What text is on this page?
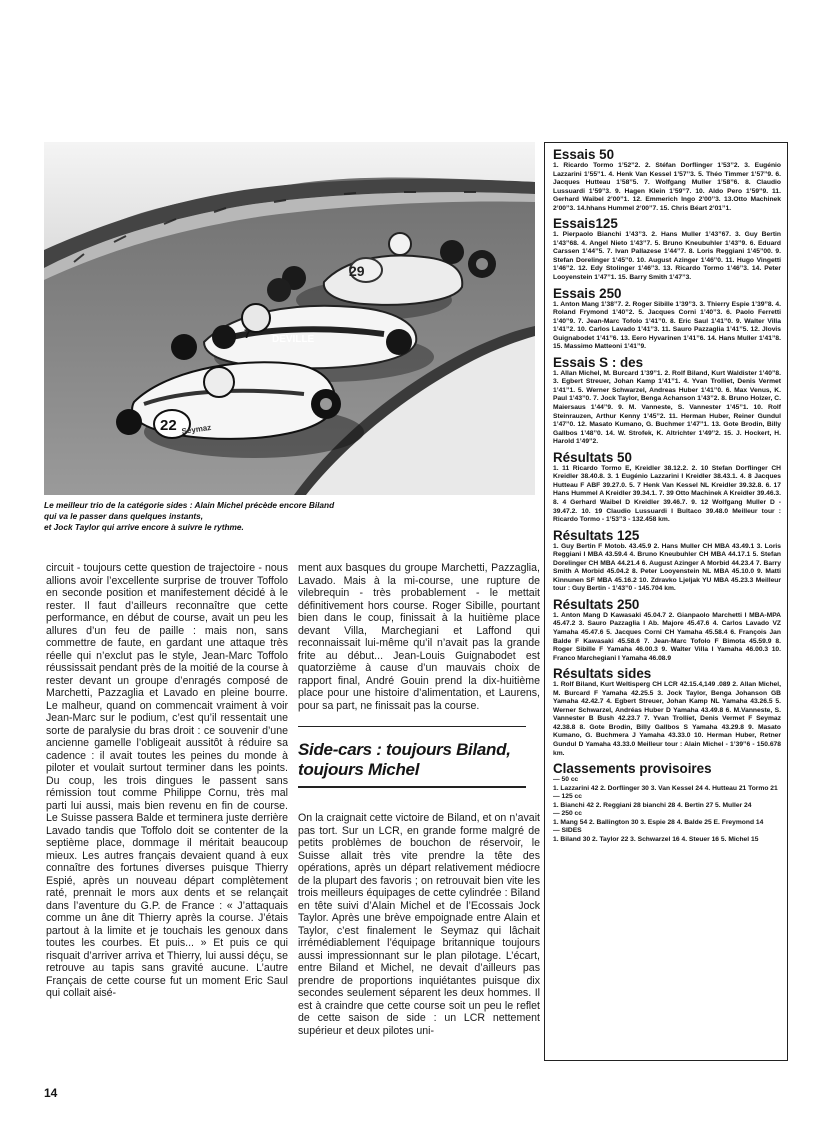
29
DEVILLE
7
22 Seymaz
Le meilleur trio de la catégorie sides : Alain Michel précède encore Biland
qui va le passer dans quelques instants,
et Jock Taylor qui arrive encore à suivre le rythme.
circuit - toujours cette question de trajectoire - nous allions avoir l’excellente surprise de trouver Toffolo en seconde position et manifestement décidé à le rester. Il faut d’ailleurs reconnaître que cette performance, en début de course, avait un peu les allures d’un feu de paille : mais non, sans commettre de faute, en gardant une attaque très réelle qui n’exclut pas le style, Jean-Marc Toffolo réussissait pendant près de la moitié de la course à rester devant un groupe d’enragés composé de Marchetti, Pazzaglia et Lavado en pleine bourre. Le malheur, quand on commencait vraiment à voir Jean-Marc sur le podium, c’est qu’il ressentait une sorte de paralysie du bras droit : ce souvenir d’une ancienne gamelle l’obligeait aussitôt à réduire sa cadence : il avait toutes les peines du monde à piloter et voulait surtout terminer dans les points. Du coup, les trois dingues le passent sans rémission tout comme Philippe Cornu, très mal parti lui aussi, mais bien revenu en fin de course. Le Suisse passera Balde et terminera juste derrière Lavado tandis que Toffolo doit se contenter de la septième place, dommage il méritait beaucoup mieux. Les autres français devaient quand à eux connaître des fortunes diverses puisque Thierry Espié, après un nouveau départ complètement raté, prennait le mors aux dents et se relançait dans l’aventure du G.P. de France : « J’attaquais comme un âne dit Thierry après la course. J’étais partout à la limite et je touchais les genoux dans toutes les courbes. Et puis... » Et puis ce qui risquait d’arriver arriva et Thierry, lui aussi déçu, se retrouve au tapis sans gravité aucune. L’autre Français de cette course fut un moment Eric Saul qui collait aisé-
ment aux basques du groupe Marchetti, Pazzaglia, Lavado. Mais à la mi-course, une rupture de vilebrequin - très probablement - le mettait définitivement hors course. Roger Sibille, pourtant bien dans le coup, finissait à la huitième place devant Villa, Marchegiani et Laffond qui reconnaissait lui-même qu’il n’avait pas la grande frite au début... Jean-Louis Guignabodet est quatorzième à cause d’un mauvais choix de rapport final, André Gouin prend la dix-huitième place pour une histoire d’alimentation, et Laurens, pour sa part, ne finissait pas la course.
Side-cars : toujours Biland,
toujours Michel
On la craignait cette victoire de Biland, et on n’avait pas tort. Sur un LCR, en grande forme malgré de petits problèmes de bouchon de réservoir, le Suisse allait très vite prendre la tête des opérations, après un départ relativement médiocre de la plupart des favoris ; on retrouvait bien vite les trois meilleurs équipages de cette cylindrée : Biland en tête suivi d’Alain Michel et de l’Ecossais Jock Taylor. Après une brève empoignade entre Alain et Taylor, c’est finalement le Seymaz qui lâchait irrémédiablement l’équipage britannique toujours aussi impressionnant sur le plan pilotage. L’écart, entre Biland et Michel, ne devait d’ailleurs pas prendre de proportions inquiétantes puisque dix secondes seulement séparent les deux hommes. Il est à craindre que cette course soit un peu le reflet de cette saison de side : un LCR nettement supérieur et deux pilotes uni-
14
Essais 50
1. Ricardo Tormo 1’52’’2. 2. Stéfan Dorflinger 1’53’’2. 3. Eugénio Lazzarini 1’55’’1. 4. Henk Van Kessel 1’57’’3. 5. Théo Timmer 1’57’’9. 6. Jacques Hutteau 1’58’’5. 7. Wolfgang Muller 1’58’’6. 8. Claudio Lussuardi 1’59’’3. 9. Hagen Klein 1’59’’7. 10. Aldo Pero 1’59’’9. 11. Gerhard Waibel 2’00’’1. 12. Emmerich Ingo 2’00’’3. 13.Otto Machinek 2’00’’3. 14.hhans Hummel 2’00’’7. 15. Chris Béart 2’01’’1.
Essais125
1. Pierpaolo Bianchi 1’43’’3. 2. Hans Muller 1’43’’67. 3. Guy Bertin 1’43’’68. 4. Angel Nieto 1’43’’7. 5. Bruno Kneubuhler 1’43’’9. 6. Eduard Carssen 1’44’’5. 7. Ivan Pallazese 1’44’’7. 8. Loris Reggiani 1’45’’00. 9. Stefan Dorelinger 1’45’’0. 10. August Azinger 1’46’’0. 11. Hugo Vingetti 1’46’’2. 12. Edy Stolinger 1’46’’3. 13. Ricardo Tormo 1’46’’3. 14. Peter Looyenstein 1’47’’1. 15. Barry Smith 1’47’’3.
Essais 250
1. Anton Mang 1’38’’7. 2. Roger Sibille 1’39’’3. 3. Thierry Espie 1’39’’8. 4. Roland Frymond 1’40’’2. 5. Jacques Corni 1’40’’3. 6. Paolo Ferretti 1’40’’9. 7. Jean-Marc Tofolo 1’41’’0. 8. Eric Saul 1’41’’0. 9. Walter Villa 1’41’’2. 10. Carlos Lavado 1’41’’3. 11. Sauro Pazzaglia 1’41’’5. 12. Jlovis Guignabodet 1’41’’6. 13. Eero Hyvarinen 1’41’’6. 14. Hans Muller 1’41’’8. 15. Massimo Matteoni 1’41’’9.
Essais S : des
1. Allan Michel, M. Burcard 1’39’’1. 2. Rolf Biland, Kurt Waldister 1’40’’8. 3. Egbert Streuer, Johan Kamp 1’41’’1. 4. Yvan Trolliet, Denis Vermet 1’41’’1. 5. Werner Schwarzel, Andreas Huber 1’41’’0. 6. Max Venus, K. Paul 1’43’’0. 7. Jock Taylor, Benga Achanson 1’43’’2. 8. Bruno Holzer, C. Maiersaus 1’44’’9. 9. M. Vanneste, S. Vannester 1’45’’1. 10. Rolf Steinrauzen, Arthur Kenny 1’45’’2. 11. Herman Huber, Reiner Gundul 1’47’’0. 12. Masato Kumano, G. Buchmer 1’47’’1. 13. Gote Brodin, Billy Gallbos 1’48’’0. 14. W. Strofek, K. Altrichter 1’49’’2. 15. J. Hockert, H. Harold 1’49’’2.
Résultats 50
1. 11 Ricardo Tormo E, Kreidler 38.12.2. 2. 10 Stefan Dorflinger CH Kreidler 38.40.8. 3. 1 Eugénio Lazzarini I Kreidler 38.43.1. 4. 8 Jacques Hutteau F ABF 39.27.0. 5. 7 Henk Van Kessel NL Kreidler 39.32.8. 6. 17 Hans Hummel A Kreidler 39.34.1. 7. 39 Otto Machinek A Kreidler 39.46.3. 8. 4 Gerhard Waibel D Kreidler 39.46.7. 9. 12 Wolfgang Muller D - 39.47.2. 10. 19 Claudio Lussuardi I Bultaco 39.48.0 Meilleur tour : Ricardo Tormo - 1’53’’3 - 132.458 km.
Résultats 125
1. Guy Bertin F Motob. 43.45.9 2. Hans Muller CH MBA 43.49.1 3. Loris Reggiani I MBA 43.59.4 4. Bruno Kneubuhler CH MBA 44.17.1 5. Stefan Dorelinger CH MBA 44.21.4 6. August Azinger A Morbid 44.23.4 7. Barry Smith A Morbid 45.04.2 8. Peter Looyenstein NL MBA 45.10.0 9. Matti Kinnunen SF MBA 45.16.2 10. Zdravko Ljeljak YU MBA 45.23.3 Meilleur tour : Guy Bertin - 1’43’’0 - 145.704 km.
Résultats 250
1. Anton Mang D Kawasaki 45.04.7 2. Gianpaolo Marchetti I MBA-MPA 45.47.2 3. Sauro Pazzaglia I Ab. Majore 45.47.6 4. Carlos Lavado VZ Yamaha 45.47.6 5. Jacques Corni CH Yamaha 45.58.4 6. François Jan Balde F Kawasaki 45.58.6 7. Jean-Marc Tofolo F Bimota 45.59.9 8. Roger Sibille F Yamaha 46.00.3 9. Walter Villa I Yamaha 46.00.3 10. Franco Marchegiani I Yamaha 46.08.9
Résultats sides
1. Rolf Biland, Kurt Weltisperg CH LCR 42.15.4,149 .089 2. Allan Michel, M. Burcard F Yamaha 42.25.5 3. Jock Taylor, Benga Johanson GB Yamaha 42.42.7 4. Egbert Streuer, Johan Kamp NL Yamaha 43.26.5 5. Werner Schwarzel, Andréas Huber D Yamaha 43.49.8 6. M.Vanneste, S. Vannester B Bush 42.23.7 7. Yvan Trolliet, Denis Vermet F Seymaz 42.38.8 8. Gote Brodin, Billy Gallbos S Yamaha 43.29.8 9. Masato Kumano, G. Buchmera J Yamaha 43.33.0 10. Herman Huber, Retner Gundul D Yamaha 43.33.0 Meilleur tour : Alain Michel - 1’39’’6 - 150.678 km.
Classements provisoires
— 50 cc
1. Lazzarini 42 2. Dorflinger 30 3. Van Kessel 24 4. Hutteau 21 Tormo 21
— 125 cc
1. Bianchi 42 2. Reggiani 28 bianchi 28 4. Bertin 27 5. Muller 24
— 250 cc
1. Mang 54 2. Ballington 30 3. Espie 28 4. Balde 25 E. Freymond 14
— SIDES
1. Biland 30 2. Taylor 22 3. Schwarzel 16 4. Steuer 16 5. Michel 15
